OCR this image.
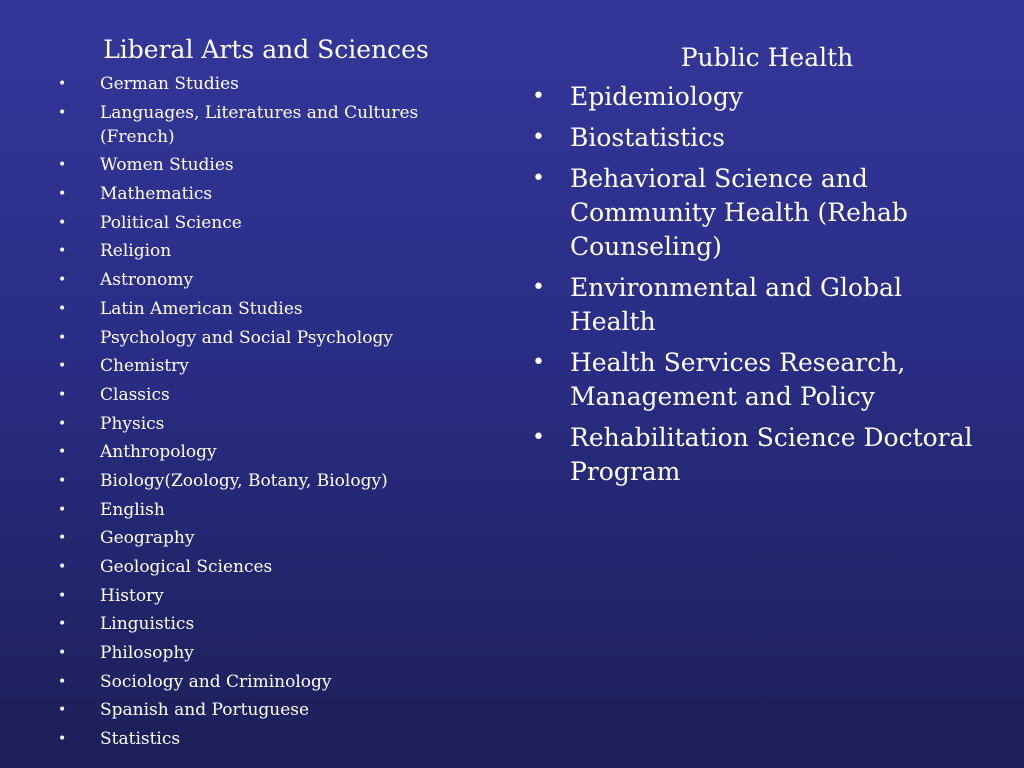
Liberal Arts and Sciences
• German Studies
• Languages, Literatures and Cultures (French)
• Women Studies
• Mathematics
• Political Science
• Religion
• Astronomy
• Latin American Studies
• Psychology and Social Psychology
• Chemistry
• Classics
• Physics
• Anthropology
• Biology(Zoology, Botany, Biology)
• English
• Geography
• Geological Sciences
• History
• Linguistics
• Philosophy
• Sociology and Criminology
• Spanish and Portuguese
• Statistics
Public Health
• Epidemiology
• Biostatistics
• Behavioral Science and Community Health (Rehab Counseling)
• Environmental and Global Health
• Health Services Research, Management and Policy
• Rehabilitation Science Doctoral Program
